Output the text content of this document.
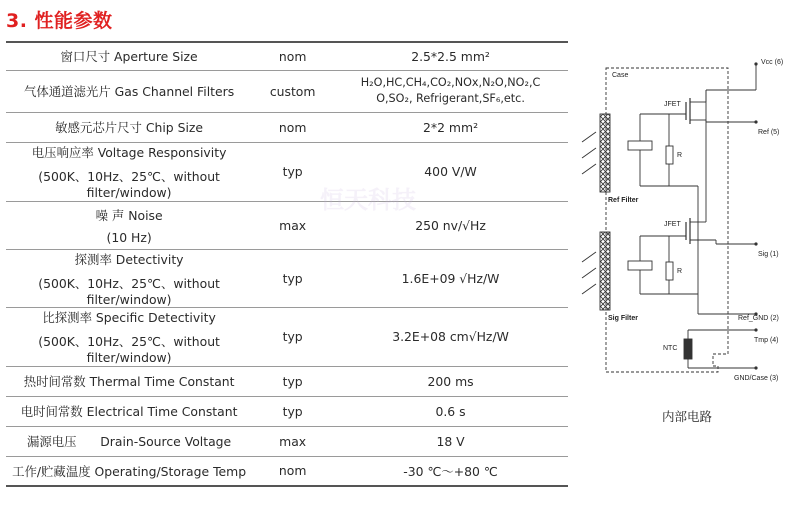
3. 性能参数
窗口尺寸 Aperture Size	nom	2.5*2.5 mm²
气体通道滤光片 Gas Channel Filters	custom	H₂O,HC,CH₄,CO₂,NOx,N₂O,NO₂,C
O,SO₂, Refrigerant,SF₆,etc.

敏感元芯片尺寸 Chip Size	nom	2*2 mm²

电压响应率 Voltage Responsivity
(500K、10Hz、25℃、without filter/window)	typ	400 V/W

噪 声 Noise
(10 Hz)	max	250 nv/√Hz

探测率 Detectivity
(500K、10Hz、25℃、without filter/window)	typ	1.6E+09 √Hz/W

比探测率 Specific Detectivity
(500K、10Hz、25℃、without filter/window)	typ	3.2E+08 cm√Hz/W
热时间常数 Thermal Time Constant	typ	200 ms
电时间常数 Electrical Time Constant	typ	0.6 s
漏源电压      Drain-Source Voltage	max	18 V
工作/贮藏温度 Operating/Storage Temp	nom	-30 ℃～+80 ℃
Case
Ref Filter
R
JFET
Vcc (6)
Ref (5)
Sig Filter
R
JFET
Sig (1)
Ref_GND (2)
NTC
Tmp (4)
GND/Case (3)
内部电路
恒天科技
